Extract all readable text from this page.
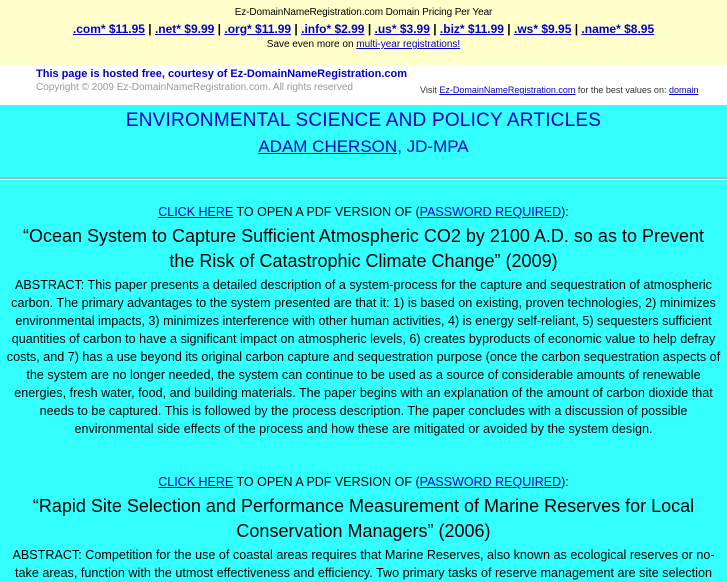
Ez-DomainNameRegistration.com Domain Pricing Per Year
.com* $11.95 | .net* $9.99 | .org* $11.99 | .info* $2.99 | .us* $3.99 | .biz* $11.99 | .ws* $9.95 | .name* $8.95
Save even more on multi-year registrations!
This page is hosted free, courtesy of Ez-DomainNameRegistration.com
Copyright © 2009 Ez-DomainNameRegistration.com. All rights reserved	Visit Ez-DomainNameRegistration.com for the best values on: domain
ENVIRONMENTAL SCIENCE AND POLICY ARTICLES
ADAM CHERSON, JD-MPA
CLICK HERE TO OPEN A PDF VERSION OF (PASSWORD REQUIRED):
“Ocean System to Capture Sufficient Atmospheric CO2 by 2100 A.D. so as to Prevent the Risk of Catastrophic Climate Change” (2009)
ABSTRACT: This paper presents a detailed description of a system-process for the capture and sequestration of atmospheric carbon. The primary advantages to the system presented are that it: 1) is based on existing, proven technologies, 2) minimizes environmental impacts, 3) minimizes interference with other human activities, 4) is energy self-reliant, 5) sequesters sufficient quantities of carbon to have a significant impact on atmospheric levels, 6) creates byproducts of economic value to help defray costs, and 7) has a use beyond its original carbon capture and sequestration purpose (once the carbon sequestration aspects of the system are no longer needed, the system can continue to be used as a source of considerable amounts of renewable energies, fresh water, food, and building materials. The paper begins with an explanation of the amount of carbon dioxide that needs to be captured. This is followed by the process description. The paper concludes with a discussion of possible environmental side effects of the process and how these are mitigated or avoided by the system design.
CLICK HERE TO OPEN A PDF VERSION OF (PASSWORD REQUIRED):
“Rapid Site Selection and Performance Measurement of Marine Reserves for Local Conservation Managers” (2006)
ABSTRACT: Competition for the use of coastal areas requires that Marine Reserves, also known as ecological reserves or no-take areas, function with the utmost effectiveness and efficiency. Two primary tasks of reserve management are site selection
